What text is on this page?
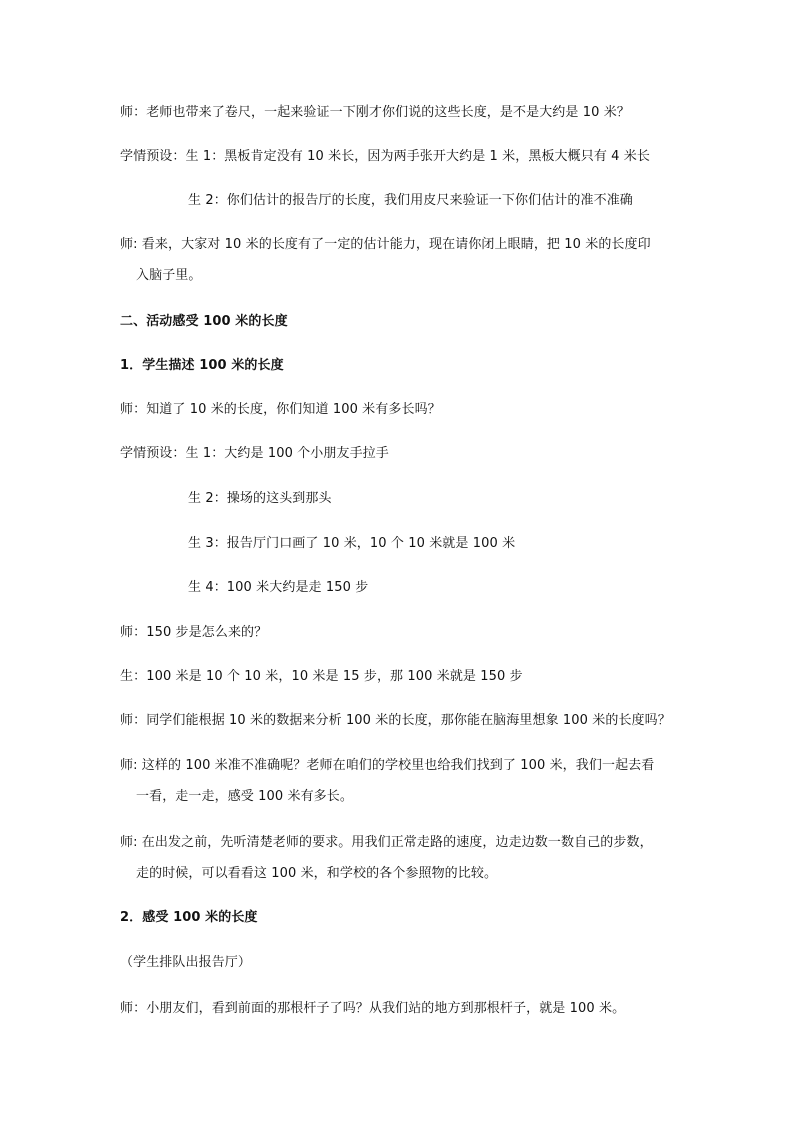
师：老师也带来了卷尺，一起来验证一下刚才你们说的这些长度，是不是大约是 10 米？
学情预设：生 1：黑板肯定没有 10 米长，因为两手张开大约是 1 米，黑板大概只有 4 米长
生 2：你们估计的报告厅的长度，我们用皮尺来验证一下你们估计的准不准确
师: 看来，大家对 10 米的长度有了一定的估计能力，现在请你闭上眼睛，把 10 米的长度印
入脑子里。
二、活动感受 100 米的长度
1．学生描述 100 米的长度
师：知道了 10 米的长度，你们知道 100 米有多长吗？
学情预设：生 1：大约是 100 个小朋友手拉手
生 2：操场的这头到那头
生 3：报告厅门口画了 10 米，10 个 10 米就是 100 米
生 4：100 米大约是走 150 步
师：150 步是怎么来的？
生：100 米是 10 个 10 米，10 米是 15 步，那 100 米就是 150 步
师：同学们能根据 10 米的数据来分析 100 米的长度，那你能在脑海里想象 100 米的长度吗？
师: 这样的 100 米准不准确呢？老师在咱们的学校里也给我们找到了 100 米，我们一起去看
一看，走一走，感受 100 米有多长。
师: 在出发之前，先听清楚老师的要求。用我们正常走路的速度，边走边数一数自己的步数，
走的时候，可以看看这 100 米，和学校的各个参照物的比较。
2．感受 100 米的长度
（学生排队出报告厅）
师：小朋友们，看到前面的那根杆子了吗？从我们站的地方到那根杆子，就是 100 米。
